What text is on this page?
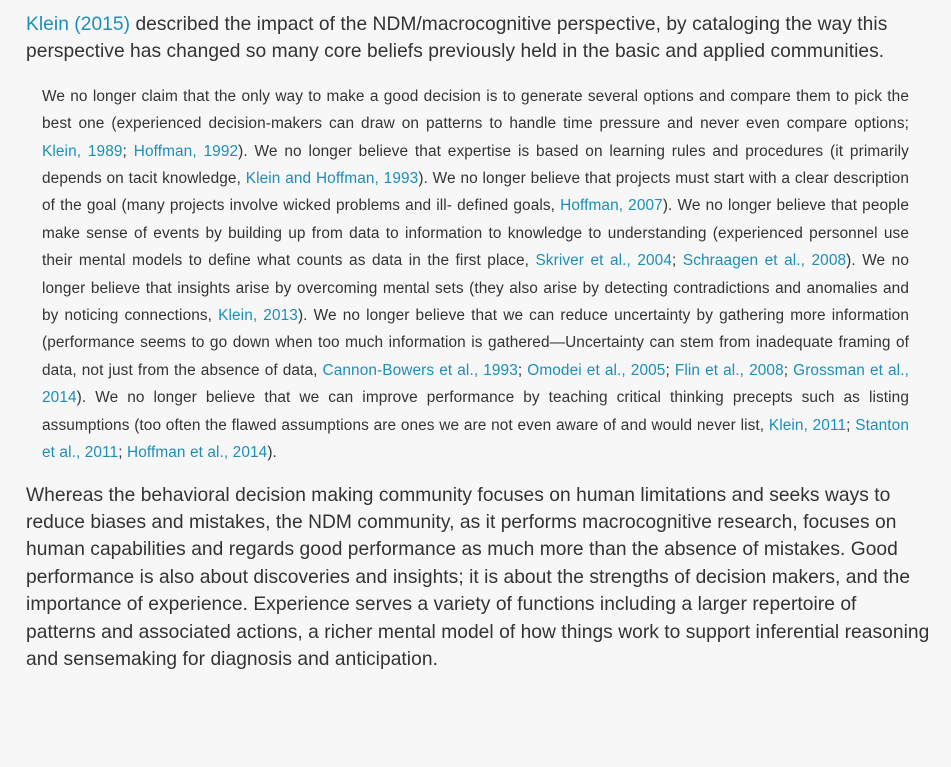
Klein (2015) described the impact of the NDM/macrocognitive perspective, by cataloging the way this perspective has changed so many core beliefs previously held in the basic and applied communities.

We no longer claim that the only way to make a good decision is to generate several options and compare them to pick the best one (experienced decision-makers can draw on patterns to handle time pressure and never even compare options; Klein, 1989; Hoffman, 1992). We no longer believe that expertise is based on learning rules and procedures (it primarily depends on tacit knowledge, Klein and Hoffman, 1993). We no longer believe that projects must start with a clear description of the goal (many projects involve wicked problems and ill- defined goals, Hoffman, 2007). We no longer believe that people make sense of events by building up from data to information to knowledge to understanding (experienced personnel use their mental models to define what counts as data in the first place, Skriver et al., 2004; Schraagen et al., 2008). We no longer believe that insights arise by overcoming mental sets (they also arise by detecting contradictions and anomalies and by noticing connections, Klein, 2013). We no longer believe that we can reduce uncertainty by gathering more information (performance seems to go down when too much information is gathered—Uncertainty can stem from inadequate framing of data, not just from the absence of data, Cannon-Bowers et al., 1993; Omodei et al., 2005; Flin et al., 2008; Grossman et al., 2014). We no longer believe that we can improve performance by teaching critical thinking precepts such as listing assumptions (too often the flawed assumptions are ones we are not even aware of and would never list, Klein, 2011; Stanton et al., 2011; Hoffman et al., 2014).

Whereas the behavioral decision making community focuses on human limitations and seeks ways to reduce biases and mistakes, the NDM community, as it performs macrocognitive research, focuses on human capabilities and regards good performance as much more than the absence of mistakes. Good performance is also about discoveries and insights; it is about the strengths of decision makers, and the importance of experience. Experience serves a variety of functions including a larger repertoire of patterns and associated actions, a richer mental model of how things work to support inferential reasoning and sensemaking for diagnosis and anticipation.
